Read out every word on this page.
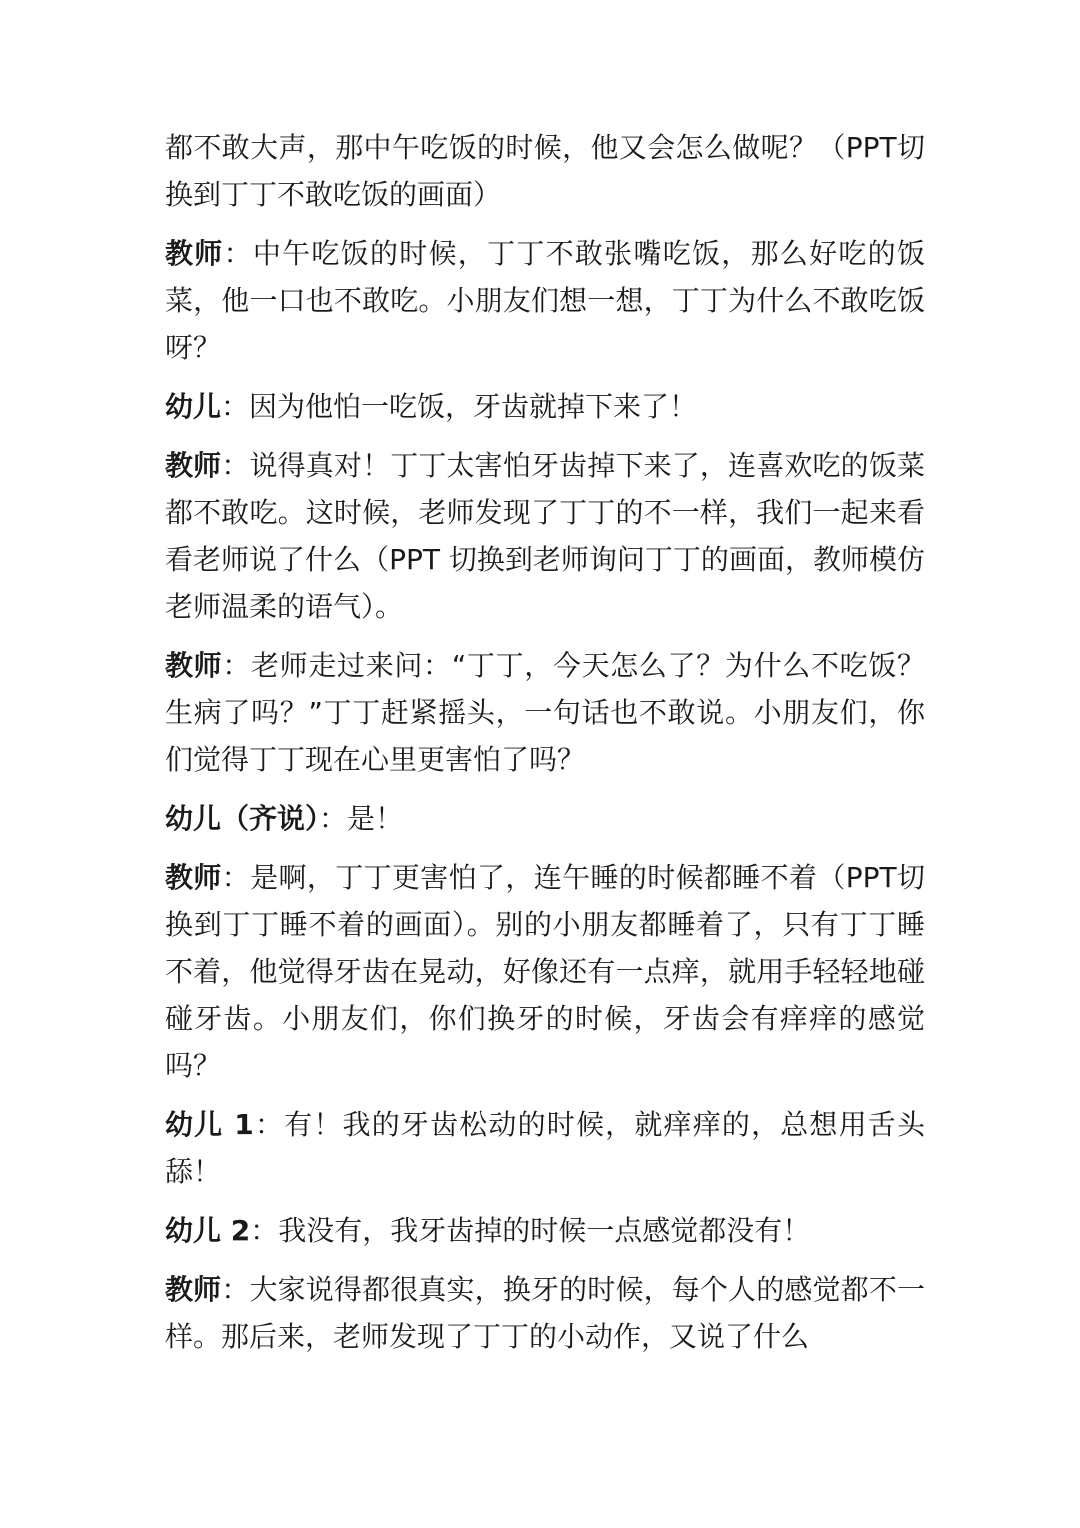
都不敢大声，那中午吃饭的时候，他又会怎么做呢？（PPT切换到丁丁不敢吃饭的画面）

教师：中午吃饭的时候，丁丁不敢张嘴吃饭，那么好吃的饭菜，他一口也不敢吃。小朋友们想一想，丁丁为什么不敢吃饭呀？

幼儿：因为他怕一吃饭，牙齿就掉下来了！

教师：说得真对！丁丁太害怕牙齿掉下来了，连喜欢吃的饭菜都不敢吃。这时候，老师发现了丁丁的不一样，我们一起来看看老师说了什么（PPT 切换到老师询问丁丁的画面，教师模仿老师温柔的语气）。

教师：老师走过来问：“丁丁，今天怎么了？为什么不吃饭？生病了吗？”丁丁赶紧摇头，一句话也不敢说。小朋友们，你们觉得丁丁现在心里更害怕了吗？

幼儿（齐说）：是！

教师：是啊，丁丁更害怕了，连午睡的时候都睡不着（PPT切换到丁丁睡不着的画面）。别的小朋友都睡着了，只有丁丁睡不着，他觉得牙齿在晃动，好像还有一点痒，就用手轻轻地碰碰牙齿。小朋友们，你们换牙的时候，牙齿会有痒痒的感觉吗？

幼儿 1：有！我的牙齿松动的时候，就痒痒的，总想用舌头舔！

幼儿 2：我没有，我牙齿掉的时候一点感觉都没有！

教师：大家说得都很真实，换牙的时候，每个人的感觉都不一样。那后来，老师发现了丁丁的小动作，又说了什么
